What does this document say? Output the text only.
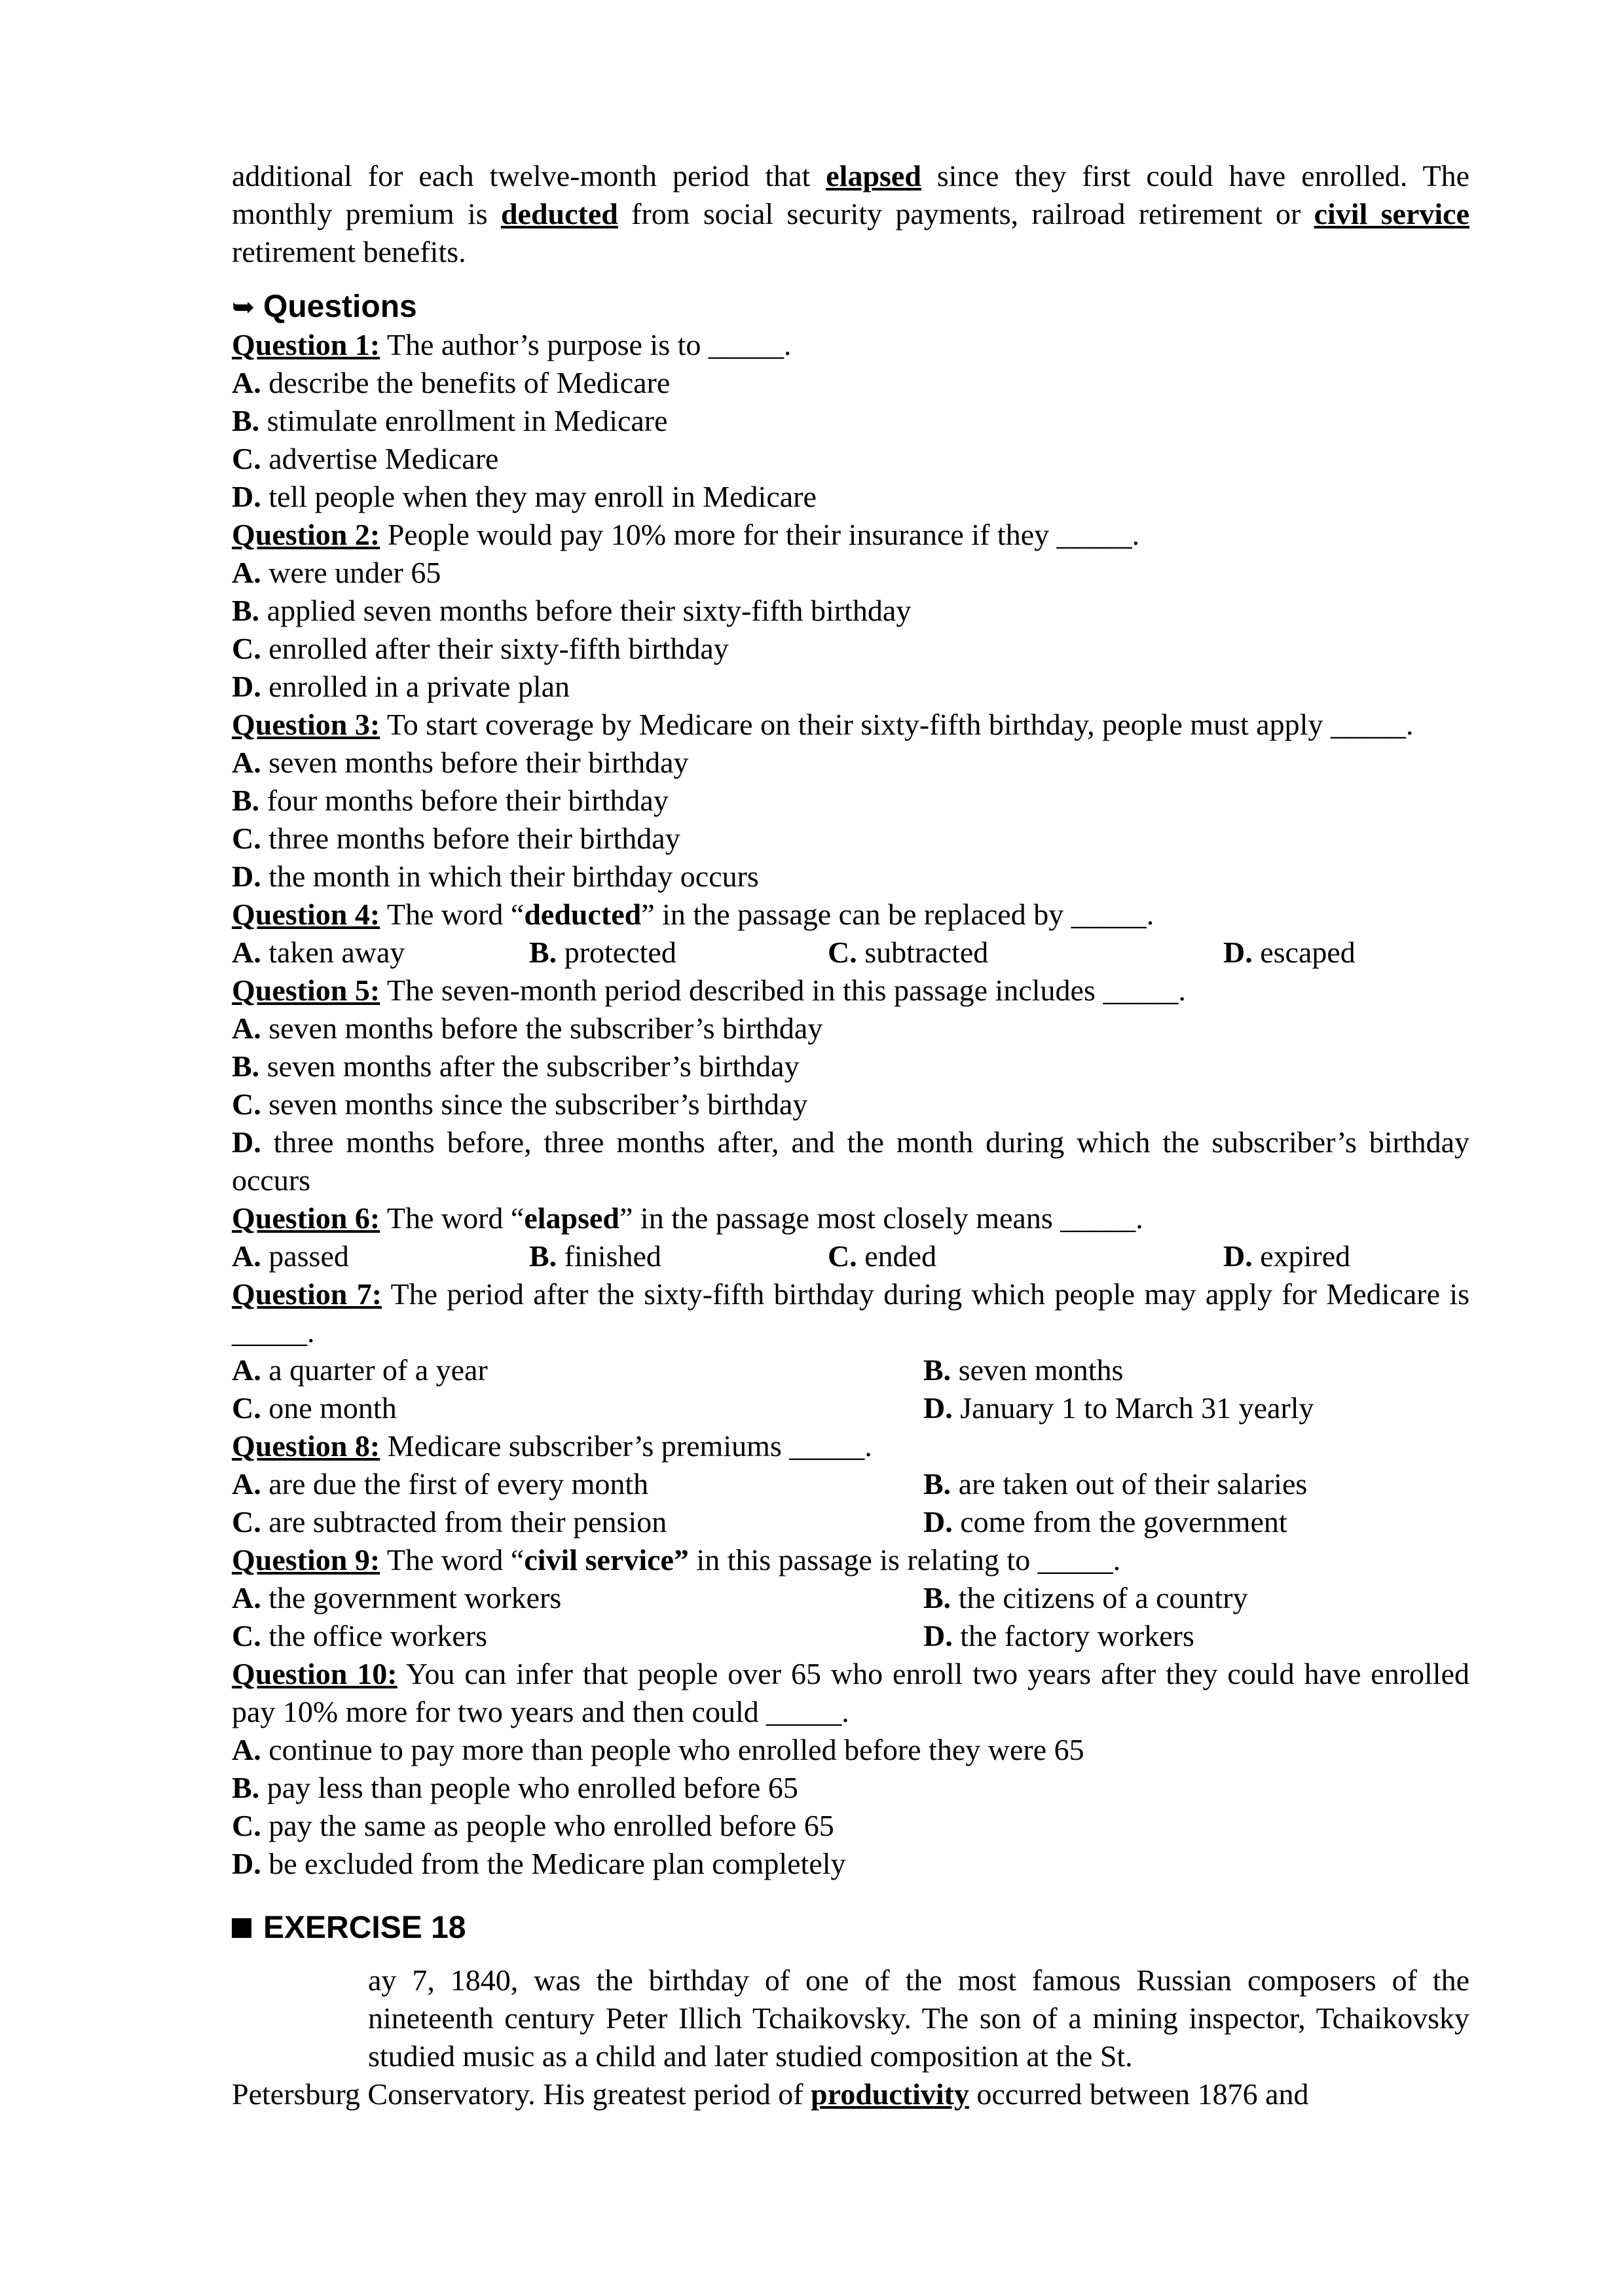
additional for each twelve-month period that elapsed since they first could have enrolled. The monthly premium is deducted from social security payments, railroad retirement or civil service retirement benefits.

➥ Questions

Question 1: The author’s purpose is to _____.

A. describe the benefits of Medicare

B. stimulate enrollment in Medicare

C. advertise Medicare

D. tell people when they may enroll in Medicare

Question 2: People would pay 10% more for their insurance if they _____.

A. were under 65

B. applied seven months before their sixty-fifth birthday

C. enrolled after their sixty-fifth birthday

D. enrolled in a private plan

Question 3: To start coverage by Medicare on their sixty-fifth birthday, people must apply _____.

A. seven months before their birthday

B. four months before their birthday

C. three months before their birthday

D. the month in which their birthday occurs

Question 4: The word “deducted” in the passage can be replaced by _____.

A. taken away	B. protected	C. subtracted	D. escaped

Question 5: The seven-month period described in this passage includes _____.

A. seven months before the subscriber’s birthday

B. seven months after the subscriber’s birthday

C. seven months since the subscriber’s birthday

D. three months before, three months after, and the month during which the subscriber’s birthday occurs

Question 6: The word “elapsed” in the passage most closely means _____.

A. passed	B. finished	C. ended	D. expired

Question 7: The period after the sixty-fifth birthday during which people may apply for Medicare is _____.

A. a quarter of a year	B. seven months
C. one month	D. January 1 to March 31 yearly

Question 8: Medicare subscriber’s premiums _____.

A. are due the first of every month	B. are taken out of their salaries
C. are subtracted from their pension	D. come from the government

Question 9: The word “civil service” in this passage is relating to _____.

A. the government workers	B. the citizens of a country
C. the office workers	D. the factory workers

Question 10: You can infer that people over 65 who enroll two years after they could have enrolled pay 10% more for two years and then could _____.

A. continue to pay more than people who enrolled before they were 65

B. pay less than people who enrolled before 65

C. pay the same as people who enrolled before 65

D. be excluded from the Medicare plan completely

EXERCISE 18

ay 7, 1840, was the birthday of one of the most famous Russian composers of the nineteenth century Peter Illich Tchaikovsky. The son of a mining inspector, Tchaikovsky studied music as a child and later studied composition at the St.

Petersburg Conservatory. His greatest period of productivity occurred between 1876 and
